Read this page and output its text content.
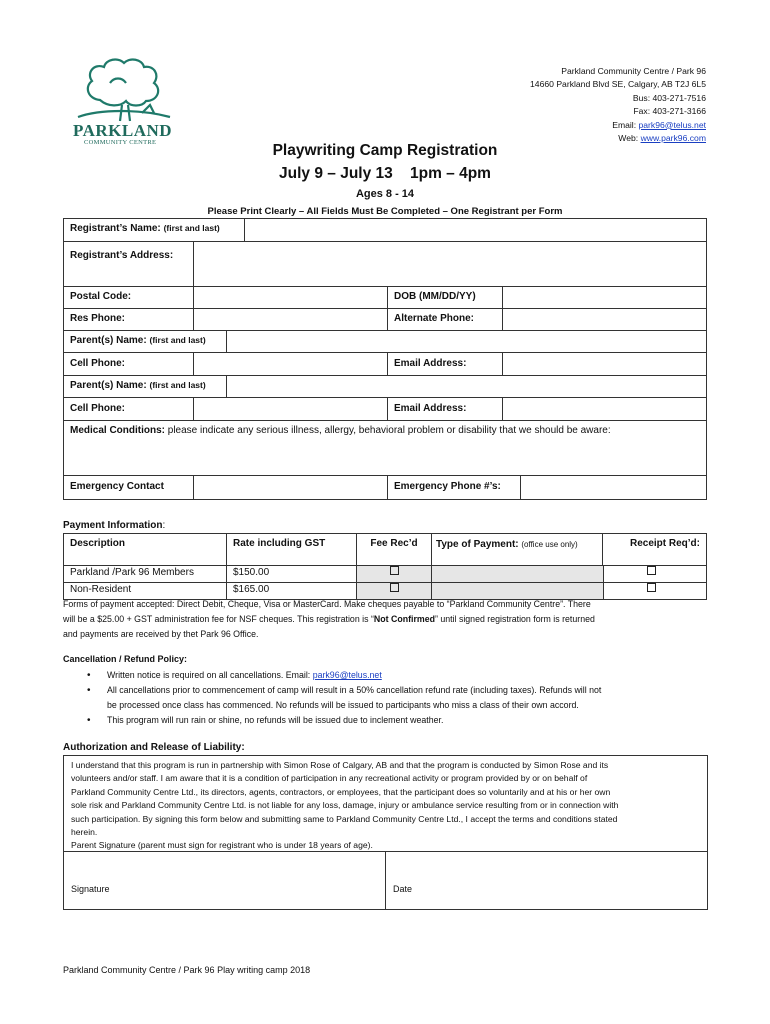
PARKLAND
COMMUNITY CENTRE
Parkland Community Centre / Park 96
14660 Parkland Blvd SE, Calgary, AB T2J 6L5
Bus: 403-271-7516
Fax: 403-271-3166
Email: park96@telus.net
Web: www.park96.com
Playwriting Camp Registration
July 9 – July 13    1pm – 4pm
Ages 8 - 14
Please Print Clearly – All Fields Must Be Completed – One Registrant per Form
Registrant’s Name: (first and last)
Registrant’s Address:
Postal Code:	DOB (MM/DD/YY)
Res Phone:	Alternate Phone:
Parent(s) Name: (first and last)
Cell Phone:	Email Address:
Parent(s) Name: (first and last)
Cell Phone:	Email Address:
Medical Conditions: please indicate any serious illness, allergy, behavioral problem or disability that we should be aware:
Emergency Contact	Emergency Phone #’s:
Payment Information:
Description	Rate including GST	Fee Rec’d	Type of Payment: (office use only)	Receipt Req’d:
Parkland /Park 96 Members	$150.00
Non-Resident	$165.00
Forms of payment accepted: Direct Debit, Cheque, Visa or MasterCard. Make cheques payable to “Parkland Community Centre”. There
will be a $25.00 + GST administration fee for NSF cheques. This registration is “Not Confirmed” until signed registration form is returned
and payments are received by thet Park 96 Office.
Cancellation / Refund Policy:
• Written notice is required on all cancellations. Email: park96@telus.net
• All cancellations prior to commencement of camp will result in a 50% cancellation refund rate (including taxes). Refunds will not
be processed once class has commenced. No refunds will be issued to participants who miss a class of their own accord.
• This program will run rain or shine, no refunds will be issued due to inclement weather.
Authorization and Release of Liability:
I understand that this program is run in partnership with Simon Rose of Calgary, AB and that the program is conducted by Simon Rose and its
volunteers and/or staff. I am aware that it is a condition of participation in any recreational activity or program provided by or on behalf of
Parkland Community Centre Ltd., its directors, agents, contractors, or employees, that the participant does so voluntarily and at his or her own
sole risk and Parkland Community Centre Ltd. is not liable for any loss, damage, injury or ambulance service resulting from or in connection with
such participation. By signing this form below and submitting same to Parkland Community Centre Ltd., I accept the terms and conditions stated
herein.
Parent Signature (parent must sign for registrant who is under 18 years of age).
Signature	Date
Parkland Community Centre / Park 96 Play writing camp 2018
